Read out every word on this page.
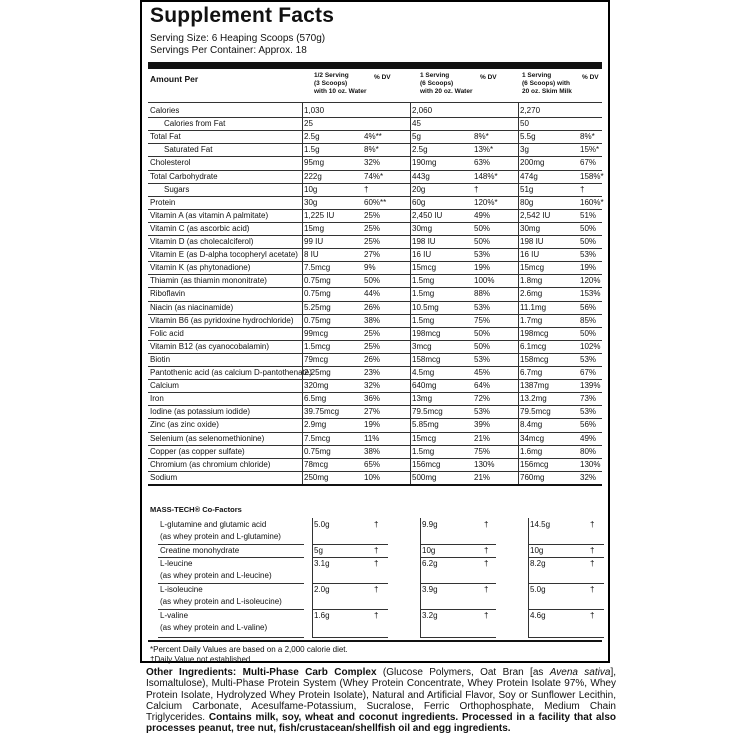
Supplement Facts
Serving Size: 6 Heaping Scoops (570g)
Servings Per Container: Approx. 18
Amount Per	1/2 Serving
(3 Scoops)
with 10 oz. Water
% DV	1 Serving
(6 Scoops)
with 20 oz. Water
% DV	1 Serving
(6 Scoops) with
20 oz. Skim Milk
% DV
Calories	1,030	2,060	2,270
Calories from Fat	25	45	50
Total Fat	2.5g	4%**	5g	8%*	5.5g	8%*
Saturated Fat	1.5g	8%*	2.5g	13%*	3g	15%*
Cholesterol	95mg	32%	190mg	63%	200mg	67%
Total Carbohydrate	222g	74%*	443g	148%*	474g	158%*
Sugars	10g	†	20g	†	51g	†
Protein	30g	60%**	60g	120%*	80g	160%*
Vitamin A (as vitamin A palmitate)	1,225 IU	25%	2,450 IU	49%	2,542 IU	51%
Vitamin C (as ascorbic acid)	15mg	25%	30mg	50%	30mg	50%
Vitamin D (as cholecalciferol)	99 IU	25%	198 IU	50%	198 IU	50%
Vitamin E (as D-alpha tocopheryl acetate) 8 IU	27%	16 IU	53%	16 IU	53%
Vitamin K (as phytonadione)	7.5mcg	9%	15mcg	19%	15mcg	19%
Thiamin (as thiamin mononitrate)	0.75mg	50%	1.5mg	100%	1.8mg	120%
Riboflavin	0.75mg	44%	1.5mg	88%	2.6mg	153%
Niacin (as niacinamide)	5.25mg	26%	10.5mg	53%	11.1mg	56%
Vitamin B6 (as pyridoxine hydrochloride) 0.75mg	38%	1.5mg	75%	1.7mg	85%
Folic acid	99mcg	25%	198mcg	50%	198mcg	50%
Vitamin B12 (as cyanocobalamin)	1.5mcg	25%	3mcg	50%	6.1mcg	102%
Biotin	79mcg	26%	158mcg	53%	158mcg	53%
Pantothenic acid (as calcium D-pantothenate)
2.25mg	23%	4.5mg	45%	6.7mg	67%
Calcium	320mg	32%	640mg	64%	1387mg	139%
Iron	6.5mg	36%	13mg	72%	13.2mg	73%
Iodine (as potassium iodide)	39.75mcg	27%	79.5mcg	53%	79.5mcg	53%
Zinc (as zinc oxide)	2.9mg	19%	5.85mg	39%	8.4mg	56%
Selenium (as selenomethionine)	7.5mcg	11%	15mcg	21%	34mcg	49%
Copper (as copper sulfate)	0.75mg	38%	1.5mg	75%	1.6mg	80%
Chromium (as chromium chloride)	78mcg	65%	156mcg	130%	156mcg	130%
Sodium	250mg	10%	500mg	21%	760mg	32%
L-glutamine and glutamic acid
(as whey protein and L-glutamine)
5.0g	†	9.9g	†	14.5g	†
Creatine monohydrate	5g	†	10g	†	10g	†
L-leucine
(as whey protein and L-leucine)
3.1g	†	6.2g	†	8.2g	†
L-isoleucine
(as whey protein and L-isoleucine)
2.0g	†	3.9g	†	5.0g	†
L-valine
(as whey protein and L-valine)
1.6g	†	3.2g	†	4.6g	†
MASS-TECH® Co-Factors
*Percent Daily Values are based on a 2,000 calorie diet.
†Daily Value not established.
Other Ingredients: Multi-Phase Carb Complex (Glucose Polymers, Oat Bran [as Avena sativa], Isomaltulose), Multi-Phase Protein System (Whey Protein Concentrate, Whey Protein Isolate 97%, Whey Protein Isolate, Hydrolyzed Whey Protein Isolate), Natural and Artificial Flavor, Soy or Sunflower Lecithin, Calcium Carbonate, Acesulfame-Potassium, Sucralose, Ferric Orthophosphate, Medium Chain Triglycerides. Contains milk, soy, wheat and coconut ingredients. Processed in a facility that also processes peanut, tree nut, fish/crustacean/shellfish oil and egg ingredients.
